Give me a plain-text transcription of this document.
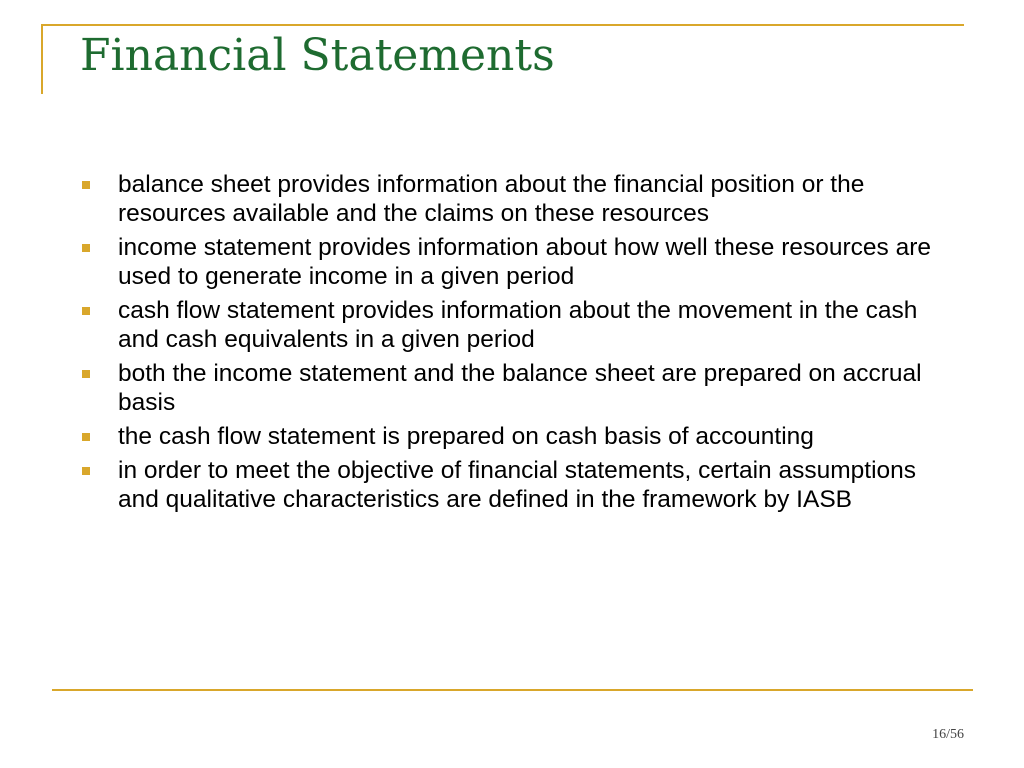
Financial Statements
balance sheet provides information about the financial position or the resources available and the claims on these resources
income statement provides information about how well these resources are used to generate income in a given period
cash flow statement provides information about the movement in the cash and cash equivalents in a given period
both the income statement and the balance sheet are prepared on accrual basis
the cash flow statement is prepared on cash basis of accounting
in order to meet the objective of financial statements, certain assumptions and qualitative characteristics are defined in the framework by IASB
16/56
